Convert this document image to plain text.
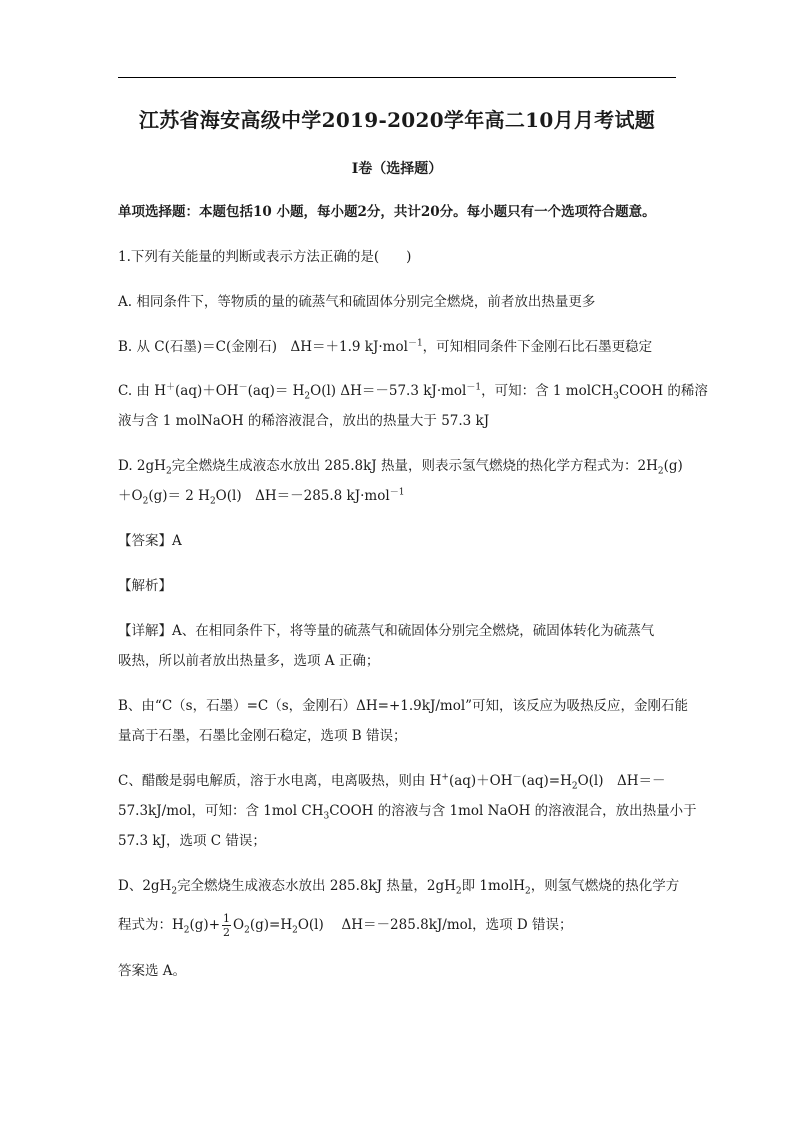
江苏省海安高级中学2019-2020学年高二10月月考试题
I卷（选择题）
单项选择题：本题包括10 小题，每小题2分，共计20分。每小题只有一个选项符合题意。
1.下列有关能量的判断或表示方法正确的是(　　)
A. 相同条件下，等物质的量的硫蒸气和硫固体分别完全燃烧，前者放出热量更多
B. 从 C(石墨)＝C(金刚石)　ΔH＝＋1.9 kJ·mol$^{-1}$，可知相同条件下金刚石比石墨更稳定
C. 由 $H^+(aq)+OH^-(aq)= H_2O(l)$ ΔH＝－57.3 kJ·mol$^{-1}$，可知：含 1 molCH$_3$COOH 的稀溶
液与含 1 molNaOH 的稀溶液混合，放出的热量大于 57.3 kJ
D. $2gH_2$完全燃烧生成液态水放出 285.8kJ 热量，则表示氢气燃烧的热化学方程式为：$2H_2(g)$
$+O_2(g)= 2$ $H_2O(l)$　ΔH＝－285.8 kJ·mol$^{-1}$
【答案】A
【解析】
【详解】A、在相同条件下，将等量的硫蒸气和硫固体分别完全燃烧，硫固体转化为硫蒸气
吸热，所以前者放出热量多，选项 A 正确；
B、由“C（s，石墨）=C（s，金刚石）ΔH=+1.9kJ/mol”可知，该反应为吸热反应，金刚石能
量高于石墨，石墨比金刚石稳定，选项 B 错误；
C、醋酸是弱电解质，溶于水电离，电离吸热，则由 $H^+(aq)+OH^-(aq)=H_2O(l)$　ΔH＝－
57.3kJ/mol，可知：含 1mol $CH_3COOH$ 的溶液与含 1mol NaOH 的溶液混合，放出热量小于
57.3 kJ，选项 C 错误；
D、$2gH_2$完全燃烧生成液态水放出 285.8kJ 热量，$2gH_2$即 1molH$_2$，则氢气燃烧的热化学方
程式为：$H_2(g)+ \frac{1}{2} O_2(g)=H_2O(l)$　 ΔH＝－285.8kJ/mol，选项 D 错误；
答案选 A。
